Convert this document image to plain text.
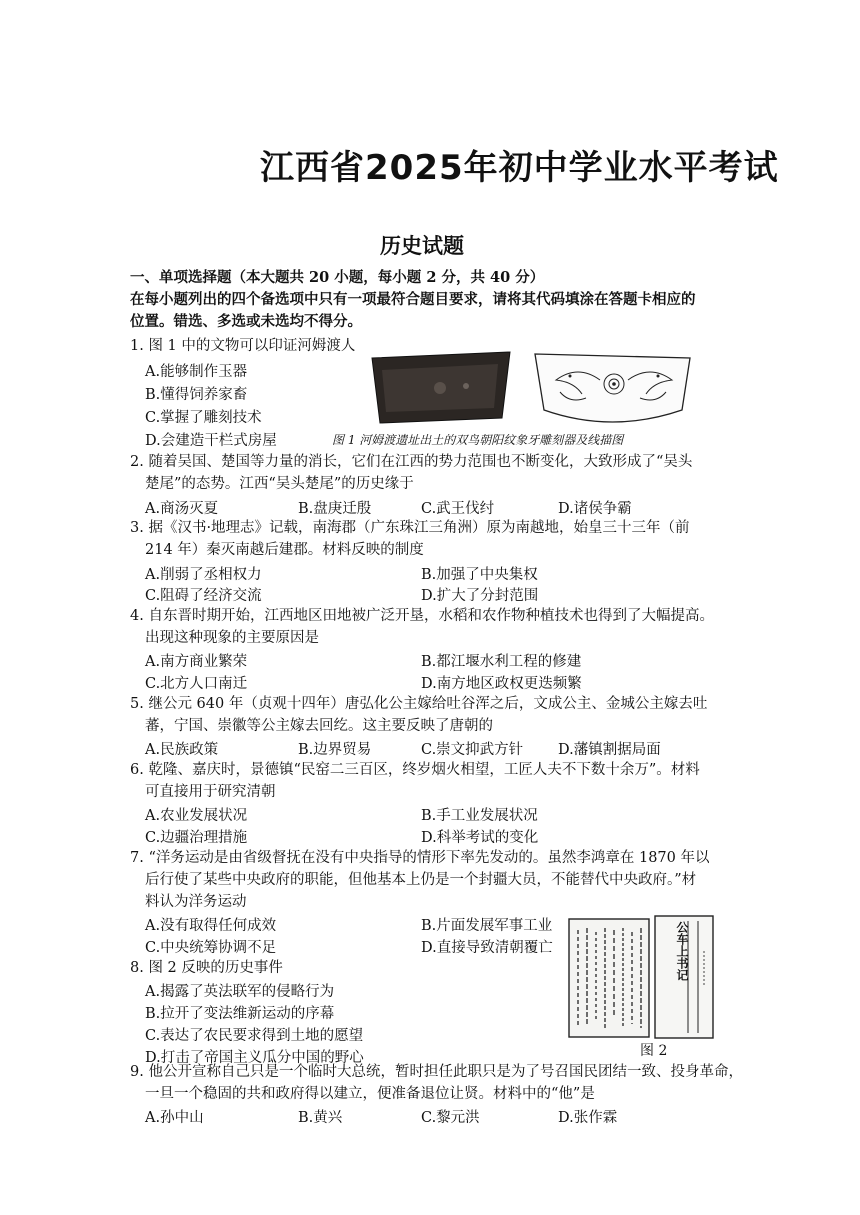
江西省2025年初中学业水平考试
历史试题
一、单项选择题（本大题共 20 小题，每小题 2 分，共 40 分）
在每小题列出的四个备选项中只有一项最符合题目要求，请将其代码填涂在答题卡相应的
位置。错选、多选或未选均不得分。
1. 图 1 中的文物可以印证河姆渡人
A.能够制作玉器
B.懂得饲养家畜
C.掌握了雕刻技术
D.会建造干栏式房屋	图 1 河姆渡遗址出土的双鸟朝阳纹象牙雕刻器及线描图
2. 随着吴国、楚国等力量的消长，它们在江西的势力范围也不断变化，大致形成了“吴头
楚尾”的态势。江西“吴头楚尾”的历史缘于
A.商汤灭夏	B.盘庚迁殷	C.武王伐纣	D.诸侯争霸
3. 据《汉书·地理志》记载，南海郡（广东珠江三角洲）原为南越地，始皇三十三年（前
214 年）秦灭南越后建郡。材料反映的制度
A.削弱了丞相权力	B.加强了中央集权
C.阻碍了经济交流	D.扩大了分封范围
4. 自东晋时期开始，江西地区田地被广泛开垦，水稻和农作物种植技术也得到了大幅提高。
出现这种现象的主要原因是
A.南方商业繁荣	B.都江堰水利工程的修建
C.北方人口南迁	D.南方地区政权更迭频繁
5. 继公元 640 年（贞观十四年）唐弘化公主嫁给吐谷浑之后，文成公主、金城公主嫁去吐
蕃，宁国、崇徽等公主嫁去回纥。这主要反映了唐朝的
A.民族政策	B.边界贸易	C.崇文抑武方针 D.藩镇割据局面
6. 乾隆、嘉庆时，景德镇“民窑二三百区，终岁烟火相望，工匠人夫不下数十余万”。材料
可直接用于研究清朝
A.农业发展状况	B.手工业发展状况
C.边疆治理措施	D.科举考试的变化
7. “洋务运动是由省级督抚在没有中央指导的情形下率先发动的。虽然李鸿章在 1870 年以
后行使了某些中央政府的职能，但他基本上仍是一个封疆大员，不能替代中央政府。”材
料认为洋务运动
A.没有取得任何成效	B.片面发展军事工业
C.中央统筹协调不足	D.直接导致清朝覆亡
8. 图 2 反映的历史事件
A.揭露了英法联军的侵略行为
B.拉开了变法维新运动的序幕
C.表达了农民要求得到土地的愿望
D.打击了帝国主义瓜分中国的野心
公车上书记
图 2
9. 他公开宣称自己只是一个临时大总统，暂时担任此职只是为了号召国民团结一致、投身革命，
一旦一个稳固的共和政府得以建立，便准备退位让贤。材料中的“他”是
A.孙中山	B.黄兴	C.黎元洪	D.张作霖
